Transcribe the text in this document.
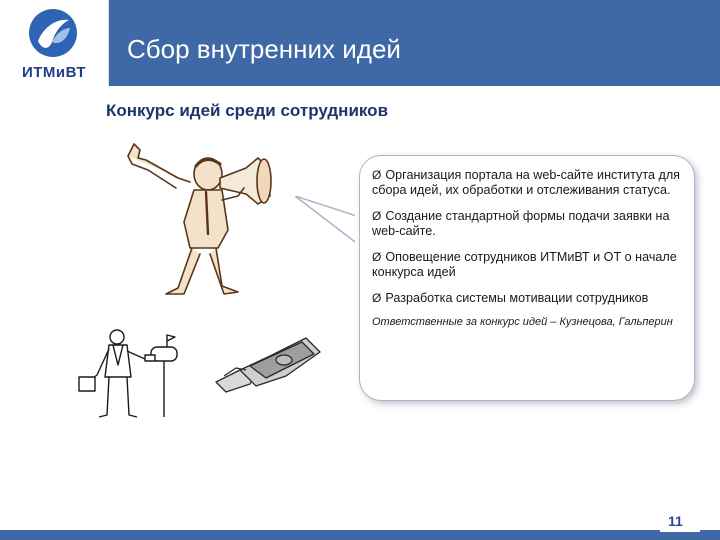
ИТМиВТ
Сбор внутренних идей
Конкурс идей среди сотрудников
Ø Организация портала на web-сайте института для сбора идей, их обработки и отслеживания статуса.
Ø Создание стандартной формы подачи заявки на web-сайте.
Ø Оповещение сотрудников ИТМиВТ и ОТ о начале конкурса идей
Ø Разработка системы мотивации сотрудников
Ответственные за конкурс идей – Кузнецова, Гальперин
11
